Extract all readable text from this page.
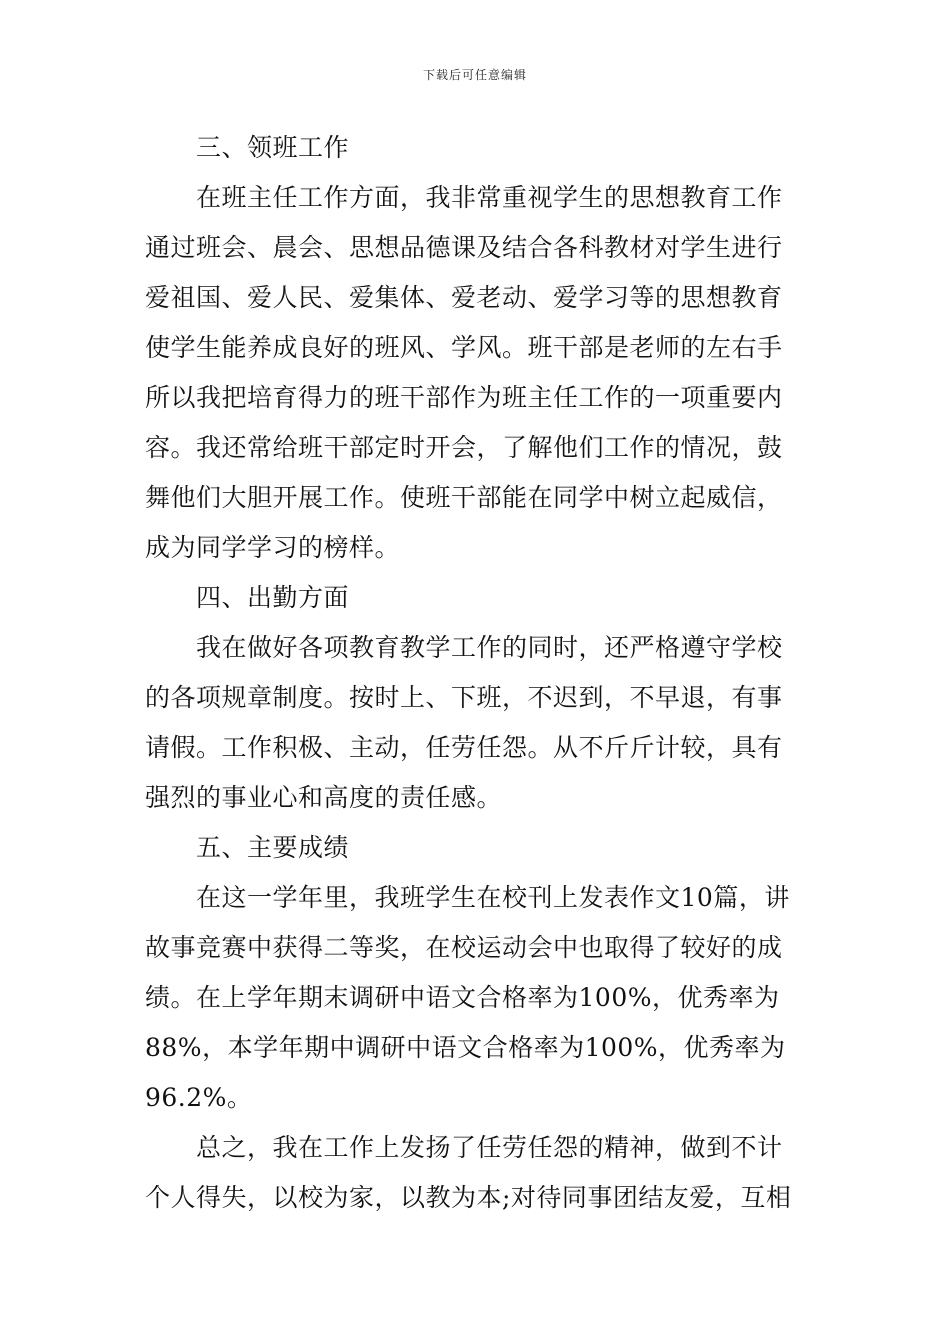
下载后可任意编辑
三、领班工作
在班主任工作方面，我非常重视学生的思想教育工作
通过班会、晨会、思想品德课及结合各科教材对学生进行
爱祖国、爱人民、爱集体、爱老动、爱学习等的思想教育
使学生能养成良好的班风、学风。班干部是老师的左右手
所以我把培育得力的班干部作为班主任工作的一项重要内
容。我还常给班干部定时开会，了解他们工作的情况，鼓
舞他们大胆开展工作。使班干部能在同学中树立起威信，
成为同学学习的榜样。
四、出勤方面
我在做好各项教育教学工作的同时，还严格遵守学校
的各项规章制度。按时上、下班，不迟到，不早退，有事
请假。工作积极、主动，任劳任怨。从不斤斤计较，具有
强烈的事业心和高度的责任感。
五、主要成绩
在这一学年里，我班学生在校刊上发表作文10篇，讲
故事竞赛中获得二等奖，在校运动会中也取得了较好的成
绩。在上学年期末调研中语文合格率为100%，优秀率为
88%，本学年期中调研中语文合格率为100%，优秀率为
96.2%。
总之，我在工作上发扬了任劳任怨的精神，做到不计
个人得失，以校为家，以教为本;对待同事团结友爱，互相
